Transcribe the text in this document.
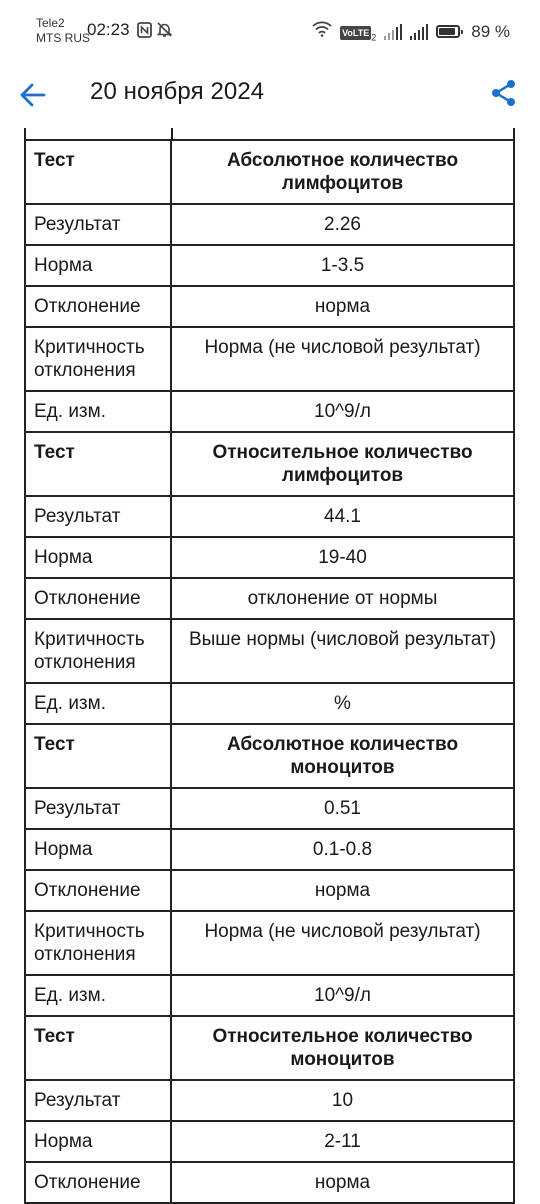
Tele2
MTS RUS
02:23	VoLTE $_2$	89 %
20 ноября 2024
Тест	Абсолютное количество лимфоцитов
Результат	2.26
Норма	1-3.5
Отклонение	норма
Критичность отклонения	Норма (не числовой результат)
Ед. изм.	10^9/л
Тест	Относительное количество лимфоцитов
Результат	44.1
Норма	19-40
Отклонение	отклонение от нормы
Критичность отклонения	Выше нормы (числовой результат)
Ед. изм.	%
Тест	Абсолютное количество моноцитов
Результат	0.51
Норма	0.1-0.8
Отклонение	норма
Критичность отклонения	Норма (не числовой результат)
Ед. изм.	10^9/л
Тест	Относительное количество моноцитов
Результат	10
Норма	2-11
Отклонение	норма
